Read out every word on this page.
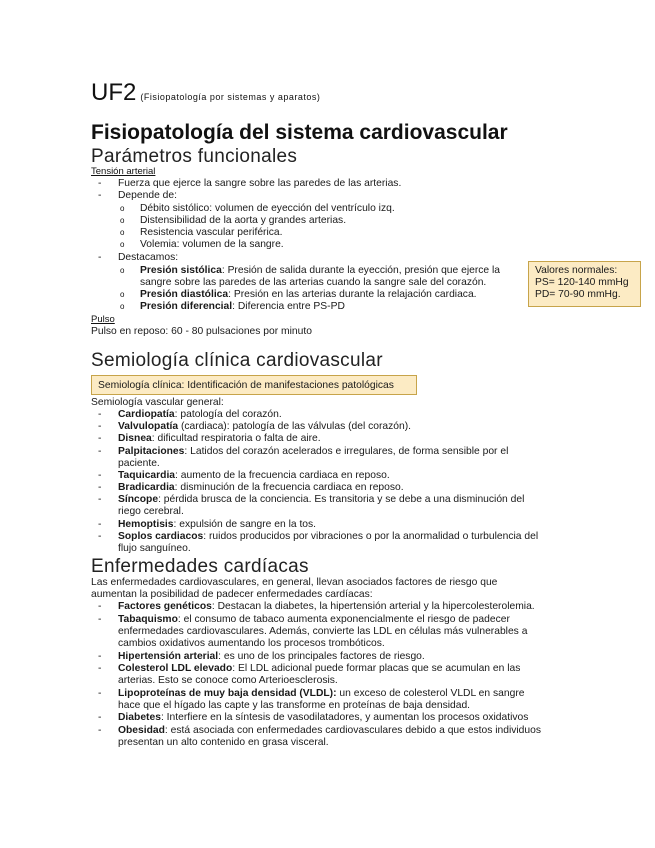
UF2 (Fisiopatología por sistemas y aparatos)
Fisiopatología del sistema cardiovascular
Parámetros funcionales
Tensión arterial
- Fuerza que ejerce la sangre sobre las paredes de las arterias.
- Depende de:
o Débito sistólico: volumen de eyección del ventrículo izq.
o Distensibilidad de la aorta y grandes arterias.
o Resistencia vascular periférica.
o Volemia: volumen de la sangre.
- Destacamos:
o Presión sistólica: Presión de salida durante la eyección, presión que ejerce la
sangre sobre las paredes de las arterias cuando la sangre sale del corazón.
o Presión diastólica: Presión en las arterias durante la relajación cardiaca.
o Presión diferencial: Diferencia entre PS-PD
Valores normales:
PS= 120-140 mmHg
PD= 70-90 mmHg.
Pulso
Pulso en reposo: 60 - 80 pulsaciones por minuto
Semiología clínica cardiovascular
Semiología clínica: Identificación de manifestaciones patológicas
Semiología vascular general:
- Cardiopatía: patología del corazón.
- Valvulopatía (cardiaca): patología de las válvulas (del corazón).
- Disnea: dificultad respiratoria o falta de aire.
- Palpitaciones: Latidos del corazón acelerados e irregulares, de forma sensible por el
paciente.
- Taquicardia: aumento de la frecuencia cardiaca en reposo.
- Bradicardia: disminución de la frecuencia cardiaca en reposo.
- Síncope: pérdida brusca de la conciencia. Es transitoria y se debe a una disminución del
riego cerebral.
- Hemoptisis: expulsión de sangre en la tos.
- Soplos cardiacos: ruidos producidos por vibraciones o por la anormalidad o turbulencia del
flujo sanguíneo.
Enfermedades cardíacas
Las enfermedades cardiovasculares, en general, llevan asociados factores de riesgo que
aumentan la posibilidad de padecer enfermedades cardíacas:
- Factores genéticos: Destacan la diabetes, la hipertensión arterial y la hipercolesterolemia.
- Tabaquismo: el consumo de tabaco aumenta exponencialmente el riesgo de padecer
enfermedades cardiovasculares. Además, convierte las LDL en células más vulnerables a
cambios oxidativos aumentando los procesos trombóticos.
- Hipertensión arterial: es uno de los principales factores de riesgo.
- Colesterol LDL elevado: El LDL adicional puede formar placas que se acumulan en las
arterias. Esto se conoce como Arterioesclerosis.
- Lipoproteínas de muy baja densidad (VLDL): un exceso de colesterol VLDL en sangre
hace que el hígado las capte y las transforme en proteínas de baja densidad.
- Diabetes: Interfiere en la síntesis de vasodilatadores, y aumentan los procesos oxidativos
- Obesidad: está asociada con enfermedades cardiovasculares debido a que estos individuos
presentan un alto contenido en grasa visceral.
